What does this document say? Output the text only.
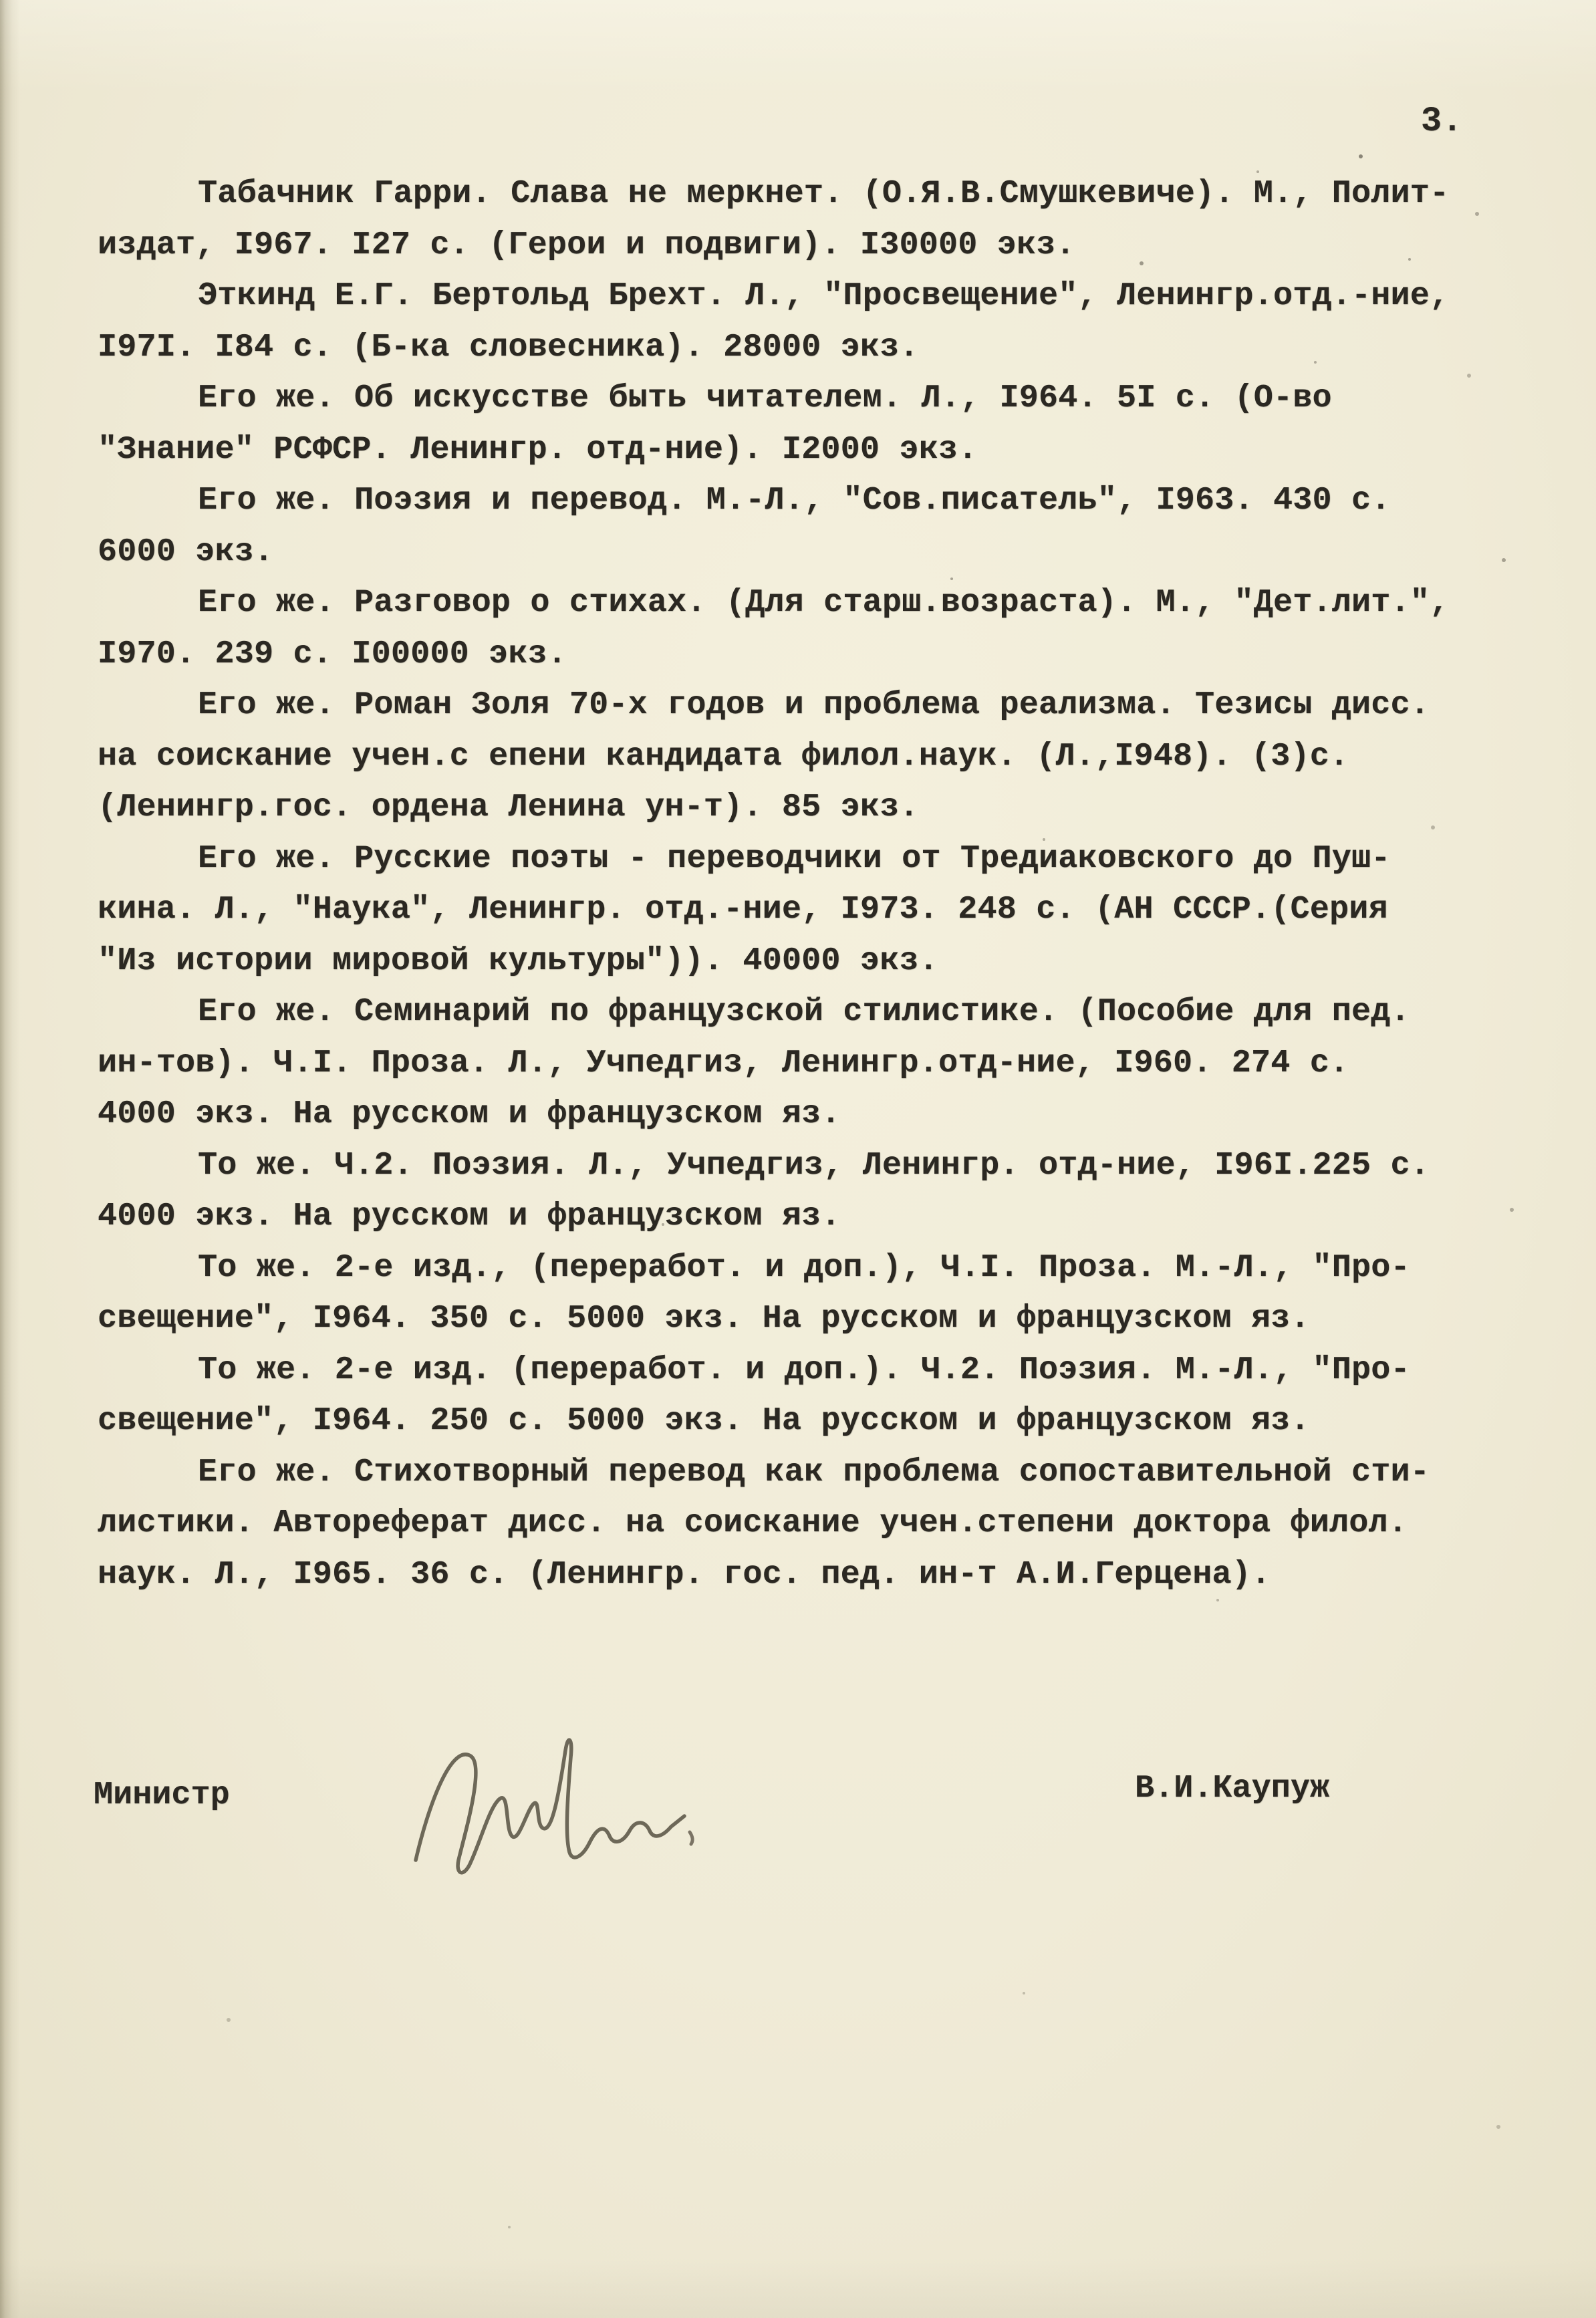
3.
Табачник Гарри. Слава не меркнет. (О.Я.В.Смушкевиче). М., Полит-
издат, I967. I27 с. (Герои и подвиги). I30000 экз.
Эткинд Е.Г. Бертольд Брехт. Л., "Просвещение", Ленингр.отд.-ние,
I97I. I84 с. (Б-ка словесника). 28000 экз.
Его же. Об искусстве быть читателем. Л., I964. 5I с. (О-во
"Знание" РСФСР. Ленингр. отд-ние). I2000 экз.
Его же. Поэзия и перевод. М.-Л., "Сов.писатель", I963. 430 с.
6000 экз.
Его же. Разговор о стихах. (Для старш.возраста). М., "Дет.лит.",
I970. 239 с. I00000 экз.
Его же. Роман Золя 70-х годов и проблема реализма. Тезисы дисс.
на соискание учен.с епени кандидата филол.наук. (Л.,I948). (3)с.
(Ленингр.гос. ордена Ленина ун-т). 85 экз.
Его же. Русские поэты - переводчики от Тредиаковского до Пуш-
кина. Л., "Наука", Ленингр. отд.-ние, I973. 248 с. (АН СССР.(Серия
"Из истории мировой культуры")). 40000 экз.
Его же. Семинарий по французской стилистике. (Пособие для пед.
ин-тов). Ч.I. Проза. Л., Учпедгиз, Ленингр.отд-ние, I960. 274 с.
4000 экз. На русском и французском яз.
То же. Ч.2. Поэзия. Л., Учпедгиз, Ленингр. отд-ние, I96I.225 с.
4000 экз. На русском и французском яз.
То же. 2-е изд., (переработ. и доп.), Ч.I. Проза. М.-Л., "Про-
свещение", I964. 350 с. 5000 экз. На русском и французском яз.
То же. 2-е изд. (переработ. и доп.). Ч.2. Поэзия. М.-Л., "Про-
свещение", I964. 250 с. 5000 экз. На русском и французском яз.
Его же. Стихотворный перевод как проблема сопоставительной сти-
листики. Автореферат дисс. на соискание учен.степени доктора филол.
наук. Л., I965. 36 с. (Ленингр. гос. пед. ин-т А.И.Герцена).
Министр	В.И.Каупуж
